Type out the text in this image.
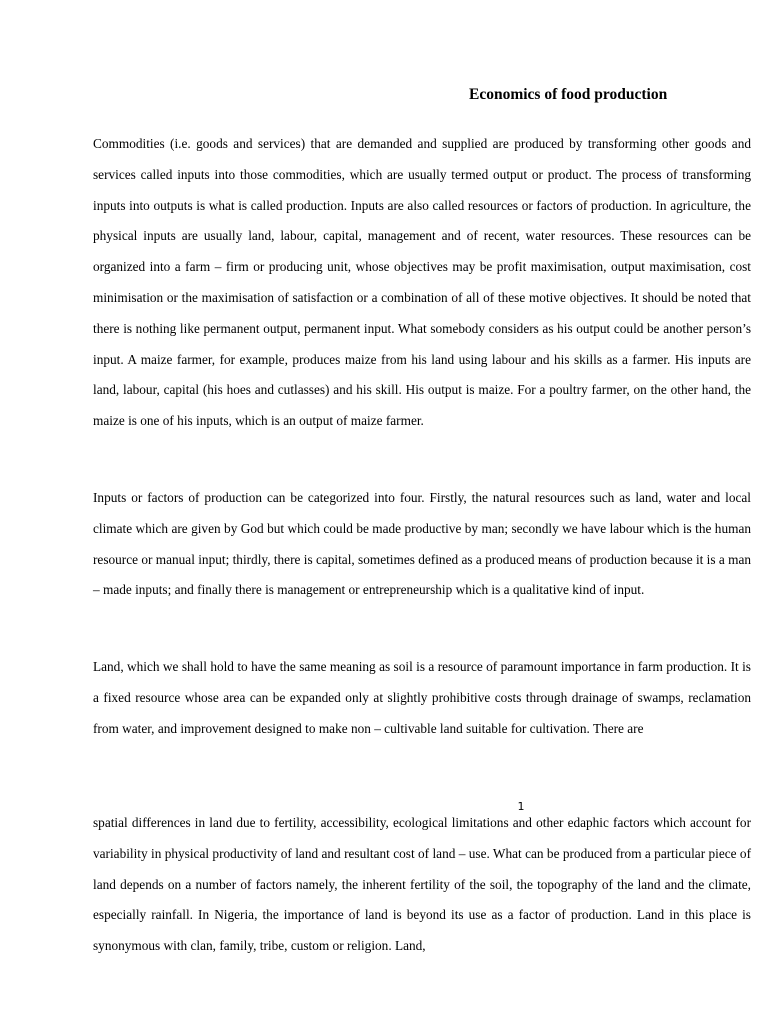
Economics of food production

Commodities (i.e. goods and services) that are demanded and supplied are produced by transforming other goods and services called inputs into those commodities, which are usually termed output or product. The process of transforming inputs into outputs is what is called production. Inputs are also called resources or factors of production. In agriculture, the physical inputs are usually land, labour, capital, management and of recent, water resources. These resources can be organized into a farm – firm or producing unit, whose objectives may be profit maximisation, output maximisation, cost minimisation or the maximisation of satisfaction or a combination of all of these motive objectives. It should be noted that there is nothing like permanent output, permanent input. What somebody considers as his output could be another person’s input. A maize farmer, for example, produces maize from his land using labour and his skills as a farmer. His inputs are land, labour, capital (his hoes and cutlasses) and his skill. His output is maize. For a poultry farmer, on the other hand, the maize is one of his inputs, which is an output of maize farmer.

Inputs or factors of production can be categorized into four. Firstly, the natural resources such as land, water and local climate which are given by God but which could be made productive by man; secondly we have labour which is the human resource or manual input; thirdly, there is capital, sometimes defined as a produced means of production because it is a man – made inputs; and finally there is management or entrepreneurship which is a qualitative kind of input.

Land, which we shall hold to have the same meaning as soil is a resource of paramount importance in farm production. It is a fixed resource whose area can be expanded only at slightly prohibitive costs through drainage of swamps, reclamation from water, and improvement designed to make non – cultivable land suitable for cultivation. There are

1

spatial differences in land due to fertility, accessibility, ecological limitations and other edaphic factors which account for variability in physical productivity of land and resultant cost of land – use. What can be produced from a particular piece of land depends on a number of factors namely, the inherent fertility of the soil, the topography of the land and the climate, especially rainfall. In Nigeria, the importance of land is beyond its use as a factor of production. Land in this place is synonymous with clan, family, tribe, custom or religion. Land,
